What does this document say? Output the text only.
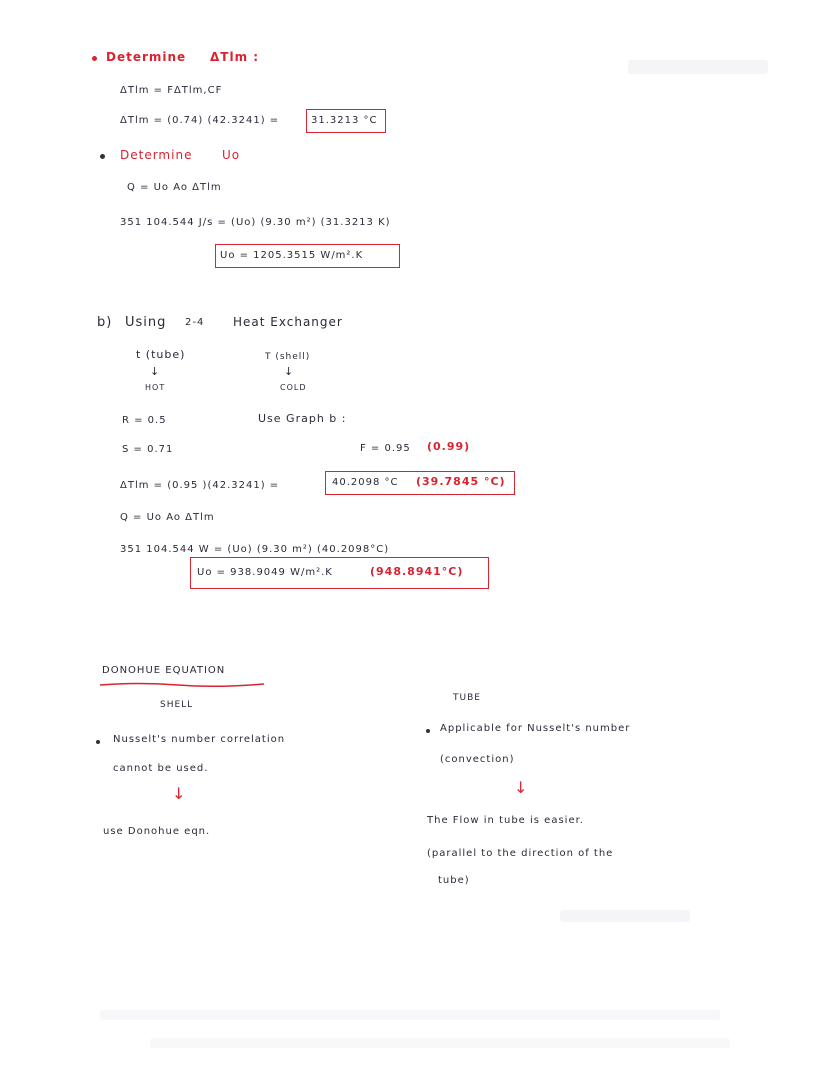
Determine ΔTlm :
ΔTlm = FΔTlm,CF
ΔTlm = (0.74) (42.3241) =	31.3213 °C
Determine Uo
Q = Uo Ao ΔTlm
351 104.544 J/s = (Uo) (9.30 m²) (31.3213 K)
Uo = 1205.3515 W/m².K
b) Using 2-4 Heat Exchanger
t (tube)
↓
HOT
T (shell)
↓
COLD
R = 0.5	Use Graph b :
S = 0.71	F = 0.95 (0.99)
ΔTlm = (0.95 )(42.3241) =	40.2098 °C (39.7845 °C)
Q = Uo Ao ΔTlm
351 104.544 W = (Uo) (9.30 m²) (40.2098°C)
Uo = 938.9049 W/m².K	(948.8941°C)
DONOHUE EQUATION
SHELL
TUBE
Nusselt's number correlation
cannot be used.
↓
use Donohue eqn.
Applicable for Nusselt's number
(convection)
↓
The Flow in tube is easier.
(parallel to the direction of the
tube)
